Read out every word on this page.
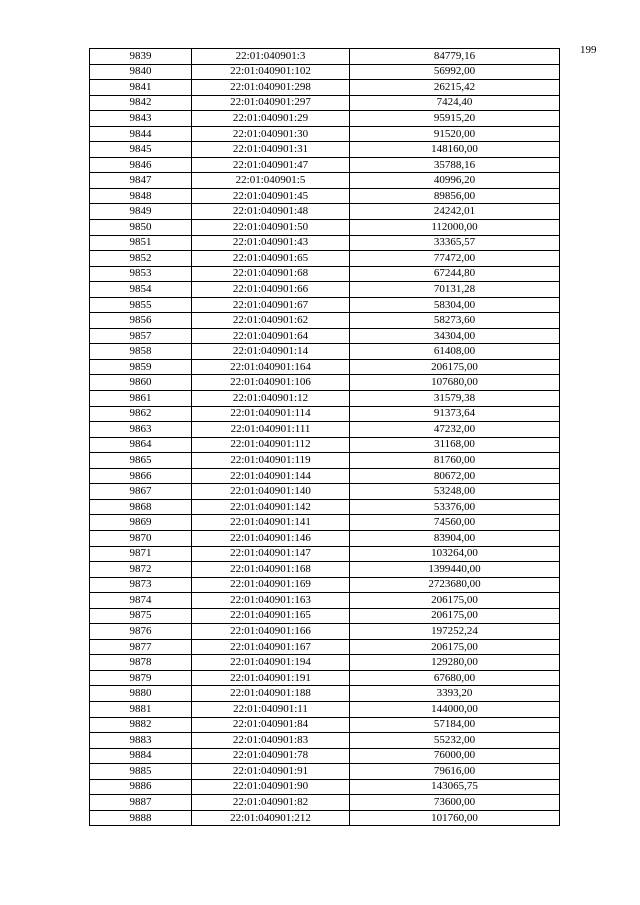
199
9839	22:01:040901:3	84779,16
9840	22:01:040901:102	56992,00
9841	22:01:040901:298	26215,42
9842	22:01:040901:297	7424,40
9843	22:01:040901:29	95915,20
9844	22:01:040901:30	91520,00
9845	22:01:040901:31	148160,00
9846	22:01:040901:47	35788,16
9847	22:01:040901:5	40996,20
9848	22:01:040901:45	89856,00
9849	22:01:040901:48	24242,01
9850	22:01:040901:50	112000,00
9851	22:01:040901:43	33365,57
9852	22:01:040901:65	77472,00
9853	22:01:040901:68	67244,80
9854	22:01:040901:66	70131,28
9855	22:01:040901:67	58304,00
9856	22:01:040901:62	58273,60
9857	22:01:040901:64	34304,00
9858	22:01:040901:14	61408,00
9859	22:01:040901:164	206175,00
9860	22:01:040901:106	107680,00
9861	22:01:040901:12	31579,38
9862	22:01:040901:114	91373,64
9863	22:01:040901:111	47232,00
9864	22:01:040901:112	31168,00
9865	22:01:040901:119	81760,00
9866	22:01:040901:144	80672,00
9867	22:01:040901:140	53248,00
9868	22:01:040901:142	53376,00
9869	22:01:040901:141	74560,00
9870	22:01:040901:146	83904,00
9871	22:01:040901:147	103264,00
9872	22:01:040901:168	1399440,00
9873	22:01:040901:169	2723680,00
9874	22:01:040901:163	206175,00
9875	22:01:040901:165	206175,00
9876	22:01:040901:166	197252,24
9877	22:01:040901:167	206175,00
9878	22:01:040901:194	129280,00
9879	22:01:040901:191	67680,00
9880	22:01:040901:188	3393,20
9881	22:01:040901:11	144000,00
9882	22:01:040901:84	57184,00
9883	22:01:040901:83	55232,00
9884	22:01:040901:78	76000,00
9885	22:01:040901:91	79616,00
9886	22:01:040901:90	143065,75
9887	22:01:040901:82	73600,00
9888	22:01:040901:212	101760,00
